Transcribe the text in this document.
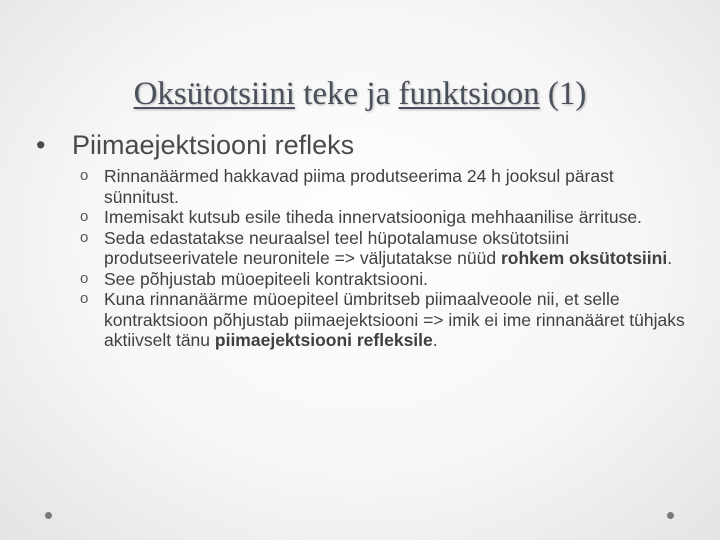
Oksütotsiini teke ja funktsioon (1)
• Piimaejektsiooni refleks
o Rinnanäärmed hakkavad piima produtseerima 24 h jooksul pärast sünnitust.
o Imemisakt kutsub esile tiheda innervatsiooniga mehhaanilise ärrituse.
o Seda edastatakse neuraalsel teel hüpotalamuse oksütotsiini produtseerivatele neuronitele => väljutatakse nüüd rohkem oksütotsiini.
o See põhjustab müoepiteeli kontraktsiooni.
o Kuna rinnanäärme müoepiteel ümbritseb piimaalveoole nii, et selle kontraktsioon põhjustab piimaejektsiooni => imik ei ime rinnanääret tühjaks aktiivselt tänu piimaejektsiooni refleksile.
